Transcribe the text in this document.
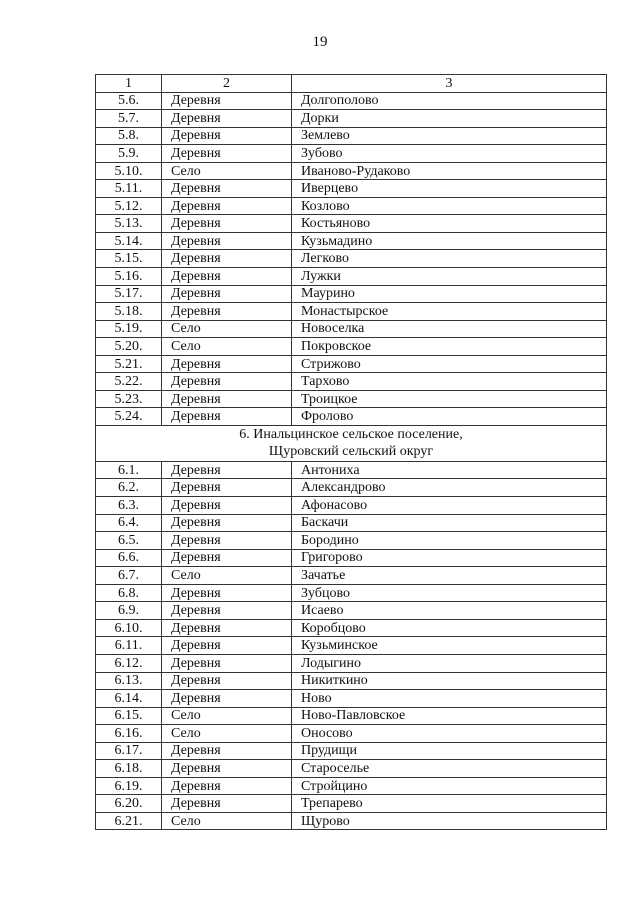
19
1	2	3
5.6.	Деревня	Долгополово
5.7.	Деревня	Дорки
5.8.	Деревня	Землево
5.9.	Деревня	Зубово
5.10.	Село	Иваново-Рудаково
5.11.	Деревня	Иверцево
5.12.	Деревня	Козлово
5.13.	Деревня	Костьяново
5.14.	Деревня	Кузьмадино
5.15.	Деревня	Легково
5.16.	Деревня	Лужки
5.17.	Деревня	Маурино
5.18.	Деревня	Монастырское
5.19.	Село	Новоселка
5.20.	Село	Покровское
5.21.	Деревня	Стрижово
5.22.	Деревня	Тархово
5.23.	Деревня	Троицкое
5.24.	Деревня	Фролово

6. Инальцинское сельское поселение,
Щуровский сельский округ		

6.1.	Деревня	Антониха
6.2.	Деревня	Александрово
6.3.	Деревня	Афонасово
6.4.	Деревня	Баскачи
6.5.	Деревня	Бородино
6.6.	Деревня	Григорово
6.7.	Село	Зачатье
6.8.	Деревня	Зубцово
6.9.	Деревня	Исаево
6.10.	Деревня	Коробцово
6.11.	Деревня	Кузьминское
6.12.	Деревня	Лодыгино
6.13.	Деревня	Никиткино
6.14.	Деревня	Ново
6.15.	Село	Ново-Павловское
6.16.	Село	Оносово
6.17.	Деревня	Прудищи
6.18.	Деревня	Староселье
6.19.	Деревня	Стройцино
6.20.	Деревня	Трепарево
6.21.	Село	Щурово
